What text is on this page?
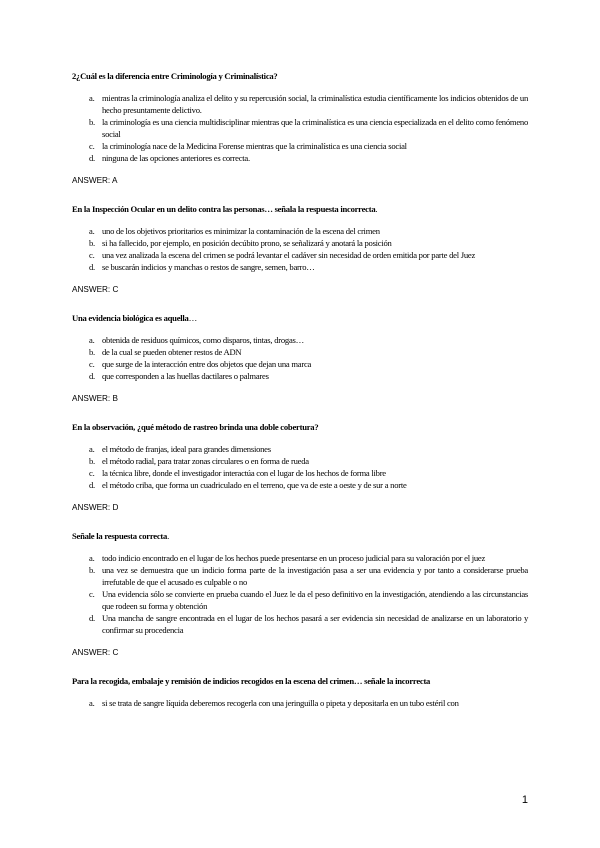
2¿Cuál es la diferencia entre Criminología y Criminalística?
a. mientras la criminología analiza el delito y su repercusión social, la criminalística estudia científicamente los indicios obtenidos de un hecho presuntamente delictivo.
b. la criminología es una ciencia multidisciplinar mientras que la criminalística es una ciencia especializada en el delito como fenómeno social
c. la criminología nace de la Medicina Forense mientras que la criminalística es una ciencia social
d. ninguna de las opciones anteriores es correcta.
ANSWER: A
En la Inspección Ocular en un delito contra las personas… señala la respuesta incorrecta.
a. uno de los objetivos prioritarios es minimizar la contaminación de la escena del crimen
b. si ha fallecido, por ejemplo, en posición decúbito prono, se señalizará y anotará la posición
c. una vez analizada la escena del crimen se podrá levantar el cadáver sin necesidad de orden emitida por parte del Juez
d. se buscarán indicios y manchas o restos de sangre, semen, barro…
ANSWER: C
Una evidencia biológica es aquella…
a. obtenida de residuos químicos, como disparos, tintas, drogas…
b. de la cual se pueden obtener restos de ADN
c. que surge de la interacción entre dos objetos que dejan una marca
d. que corresponden a las huellas dactilares o palmares
ANSWER: B
En la observación, ¿qué método de rastreo brinda una doble cobertura?
a. el método de franjas, ideal para grandes dimensiones
b. el método radial, para tratar zonas circulares o en forma de rueda
c. la técnica libre, donde el investigador interactúa con el lugar de los hechos de forma libre
d. el método criba, que forma un cuadriculado en el terreno, que va de este a oeste y de sur a norte
ANSWER: D
Señale la respuesta correcta.
a. todo indicio encontrado en el lugar de los hechos puede presentarse en un proceso judicial para su valoración por el juez
b. una vez se demuestra que un indicio forma parte de la investigación pasa a ser una evidencia y por tanto a considerarse prueba irrefutable de que el acusado es culpable o no
c. Una evidencia sólo se convierte en prueba cuando el Juez le da el peso definitivo en la investigación, atendiendo a las circunstancias que rodeen su forma y obtención
d. Una mancha de sangre encontrada en el lugar de los hechos pasará a ser evidencia sin necesidad de analizarse en un laboratorio y confirmar su procedencia
ANSWER: C
Para la recogida, embalaje y remisión de indicios recogidos en la escena del crimen… señale la incorrecta
a. si se trata de sangre líquida deberemos recogerla con una jeringuilla o pipeta y depositarla en un tubo estéril con
1
